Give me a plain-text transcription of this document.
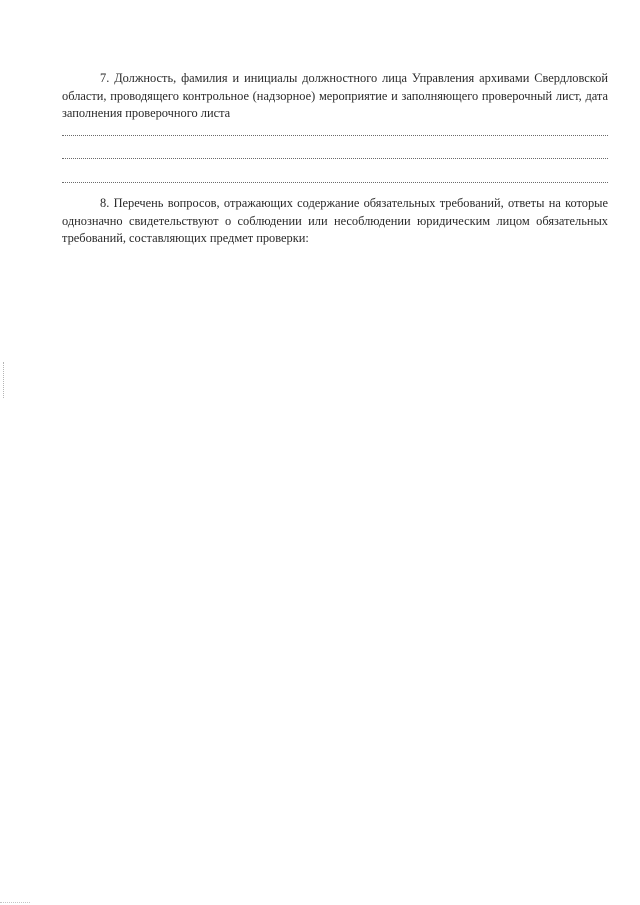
7. Должность, фамилия и инициалы должностного лица Управления архивами Свердловской области, проводящего контрольное (надзорное) мероприятие и заполняющего проверочный лист, дата заполнения проверочного листа

8. Перечень вопросов, отражающих содержание обязательных требований, ответы на которые однозначно свидетельствуют о соблюдении или несоблюдении юридическим лицом обязательных требований, составляющих предмет проверки:
